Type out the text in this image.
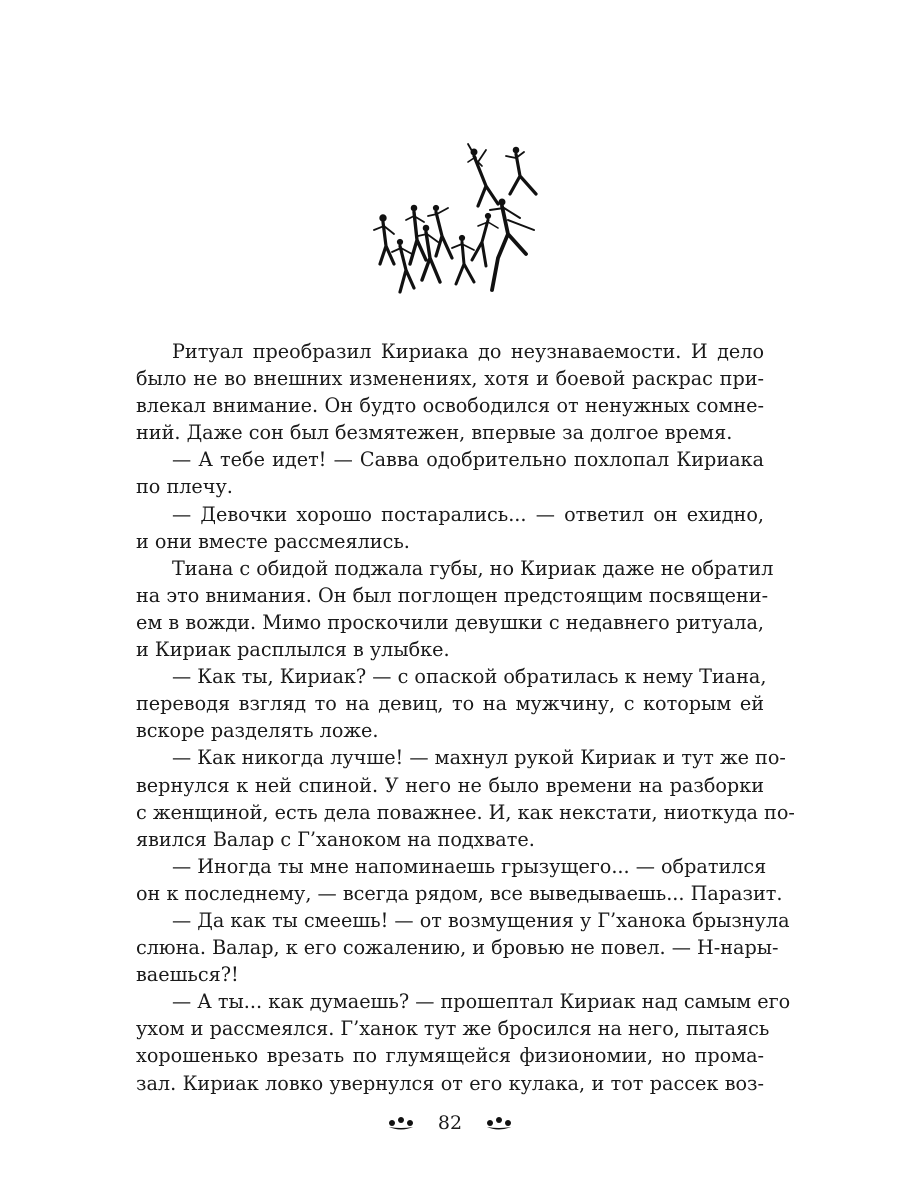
Ритуал преобразил Кириака до неузнаваемости. И дело
было не во внешних изменениях, хотя и боевой раскрас при-
влекал внимание. Он будто освободился от ненужных сомне-
ний. Даже сон был безмятежен, впервые за долгое время.
— А тебе идет! — Савва одобрительно похлопал Кириака
по плечу.
— Девочки хорошо постарались... — ответил он ехидно,
и они вместе рассмеялись.
Тиана с обидой поджала губы, но Кириак даже не обратил
на это внимания. Он был поглощен предстоящим посвящени-
ем в вожди. Мимо проскочили девушки с недавнего ритуала,
и Кириак расплылся в улыбке.
— Как ты, Кириак? — с опаской обратилась к нему Тиана,
переводя взгляд то на девиц, то на мужчину, с которым ей
вскоре разделять ложе.
— Как никогда лучше! — махнул рукой Кириак и тут же по-
вернулся к ней спиной. У него не было времени на разборки
с женщиной, есть дела поважнее. И, как некстати, ниоткуда по-
явился Валар с Г’ханоком на подхвате.
— Иногда ты мне напоминаешь грызущего... — обратился
он к последнему, — всегда рядом, все выведываешь... Паразит.
— Да как ты смеешь! — от возмущения у Г’ханока брызнула
слюна. Валар, к его сожалению, и бровью не повел. — Н-нары-
ваешься?!
— А ты... как думаешь? — прошептал Кириак над самым его
ухом и рассмеялся. Г’ханок тут же бросился на него, пытаясь
хорошенько врезать по глумящейся физиономии, но прома-
зал. Кириак ловко увернулся от его кулака, и тот рассек воз-
82
